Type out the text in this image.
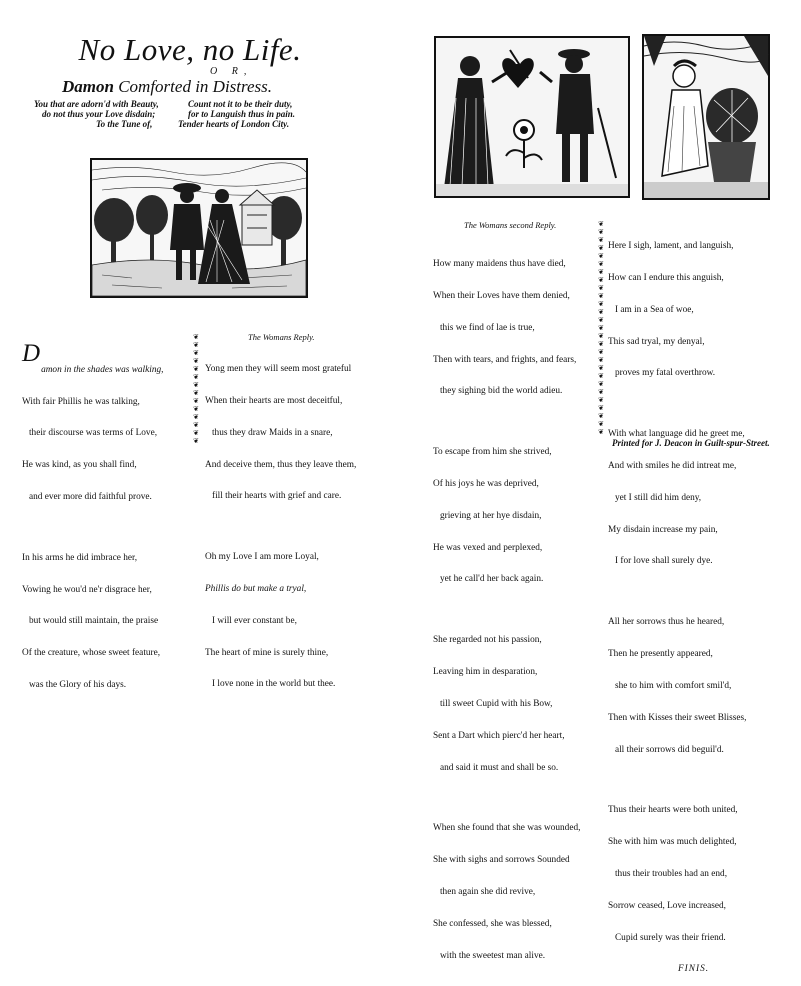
No Love, no Life.
O R,
Damon Comforted in Distress.
You that are adorn'd with Beauty,
do not thus your Love disdain;
To the Tune of,
Count not it to be their duty,
for to Languish thus in pain.
Tender hearts of London City.

D

amon in the shades was walking,

With fair Phillis he was talking,

their discourse was terms of Love,

He was kind, as you shall find,

and ever more did faithful prove.

In his arms he did imbrace her,

Vowing he wou'd ne'r disgrace her,

but would still maintain, the praise

Of the creature, whose sweet feature,

was the Glory of his days.

❦
❦
❦
❦
❦
❦
❦
❦
❦
❦
❦
❦
❦
❦
The Womans Reply.

Yong men they will seem most grateful

When their hearts are most deceitful,

thus they draw Maids in a snare,

And deceive them, thus they leave them,

fill their hearts with grief and care.

Oh my Love I am more Loyal,

Phillis do but make a tryal,

I will ever constant be,

The heart of mine is surely thine,

I love none in the world but thee.

The Womans second Reply.

How many maidens thus have died,

When their Loves have them denied,

this we find of lae is true,

Then with tears, and frights, and fears,

they sighing bid the world adieu.

To escape from him she strived,

Of his joys he was deprived,

grieving at her hye disdain,

He was vexed and perplexed,

yet he call'd her back again.

She regarded not his passion,

Leaving him in desparation,

till sweet Cupid with his Bow,

Sent a Dart which pierc'd her heart,

and said it must and shall be so.

When she found that she was wounded,

She with sighs and sorrows Sounded

then again she did revive,

She confessed, she was blessed,

with the sweetest man alive.

❦
❦
❦
❦
❦
❦
❦
❦
❦
❦
❦
❦
❦
❦
❦
❦
❦
❦
❦
❦
❦
❦
❦
❦
❦
❦
❦

Here I sigh, lament, and languish,

How can I endure this anguish,

I am in a Sea of woe,

This sad tryal, my denyal,

proves my fatal overthrow.

With what language did he greet me,

And with smiles he did intreat me,

yet I still did him deny,

My disdain increase my pain,

I for love shall surely dye.

All her sorrows thus he heared,

Then he presently appeared,

she to him with comfort smil'd,

Then with Kisses their sweet Blisses,

all their sorrows did beguil'd.

Thus their hearts were both united,

She with him was much delighted,

thus their troubles had an end,

Sorrow ceased, Love increased,

Cupid surely was their friend.

FINIS.

Printed for J. Deacon in Guilt-spur-Street.
